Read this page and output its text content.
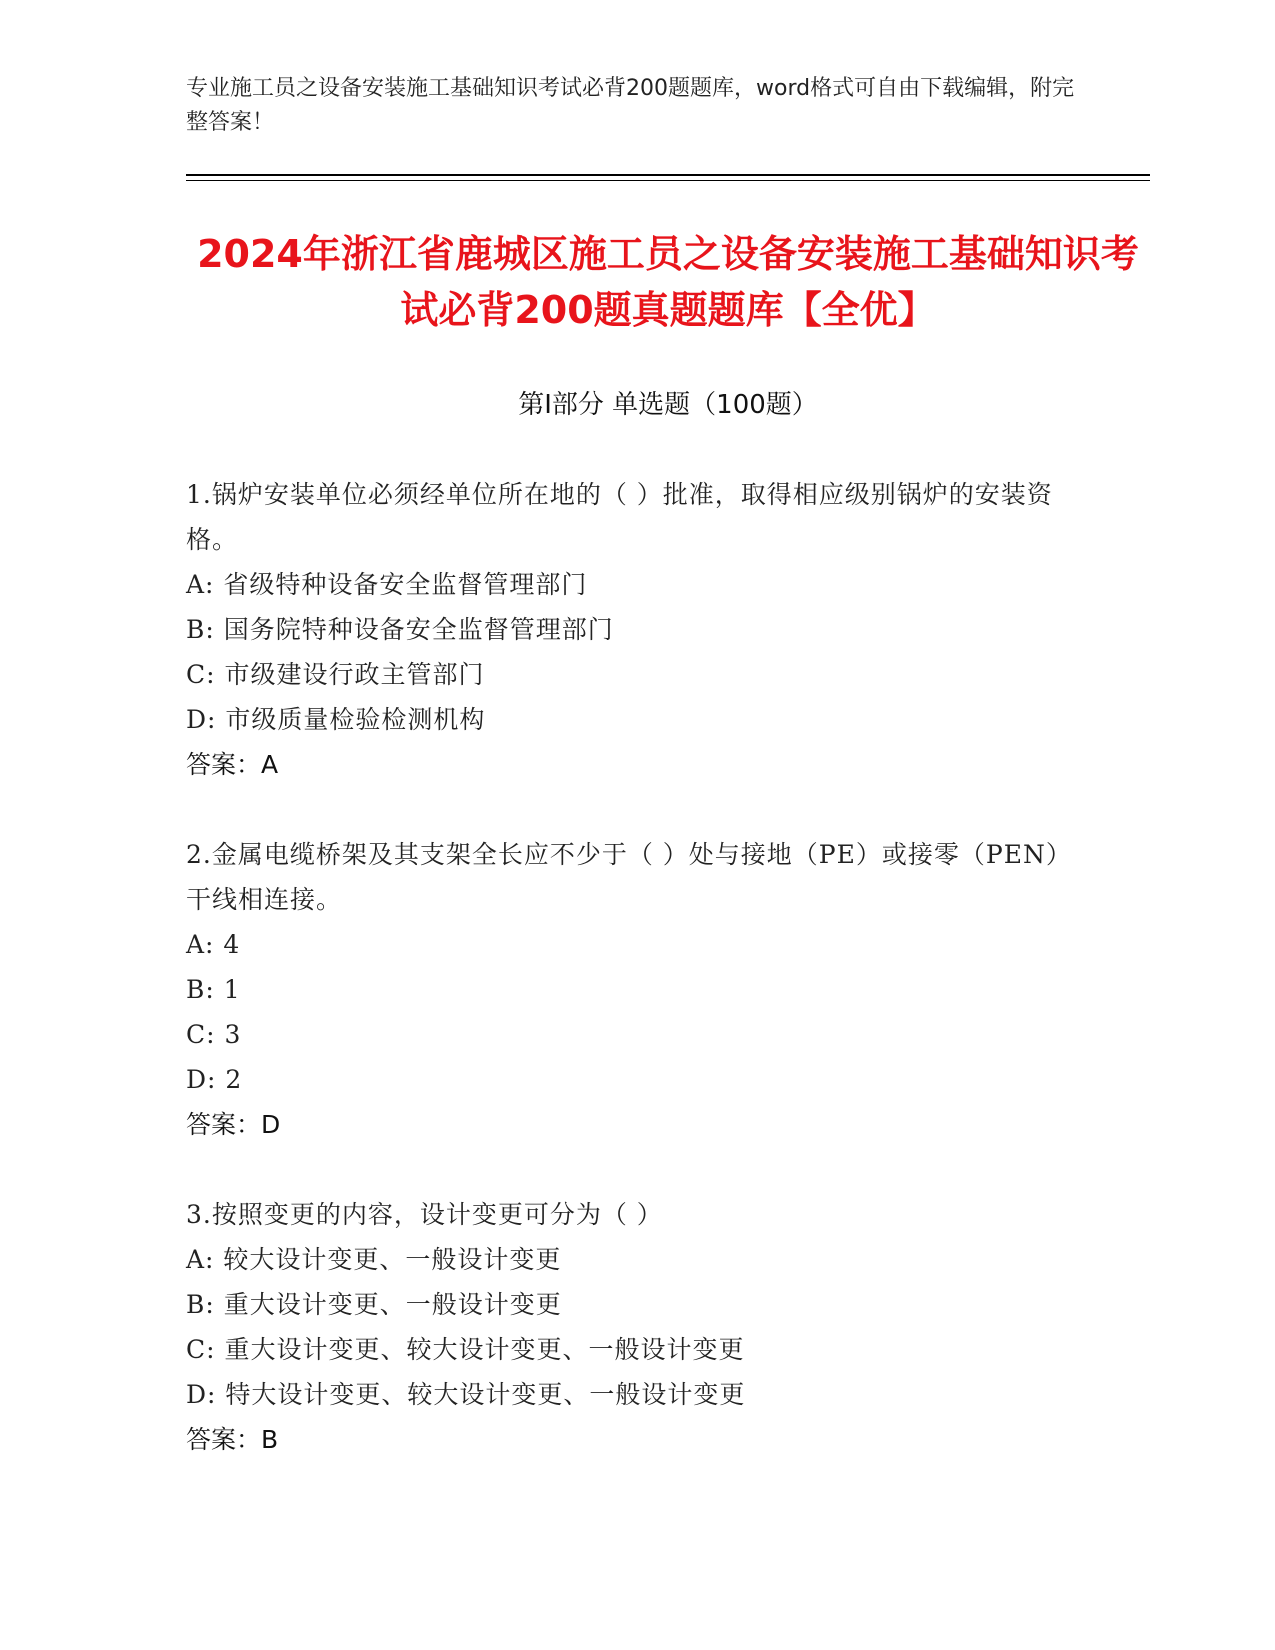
专业施工员之设备安装施工基础知识考试必背200题题库，word格式可自由下载编辑，附完整答案！
2024年浙江省鹿城区施工员之设备安装施工基础知识考试必背200题真题题库【全优】
第Ⅰ部分 单选题（100题）
1.锅炉安装单位必须经单位所在地的（ ）批准，取得相应级别锅炉的安装资格。
A: 省级特种设备安全监督管理部门
B: 国务院特种设备安全监督管理部门
C: 市级建设行政主管部门
D: 市级质量检验检测机构
答案：A
2.金属电缆桥架及其支架全长应不少于（ ）处与接地（PE）或接零（PEN）干线相连接。
A: 4
B: 1
C: 3
D: 2
答案：D
3.按照变更的内容，设计变更可分为（ ）
A: 较大设计变更、一般设计变更
B: 重大设计变更、一般设计变更
C: 重大设计变更、较大设计变更、一般设计变更
D: 特大设计变更、较大设计变更、一般设计变更
答案：B
